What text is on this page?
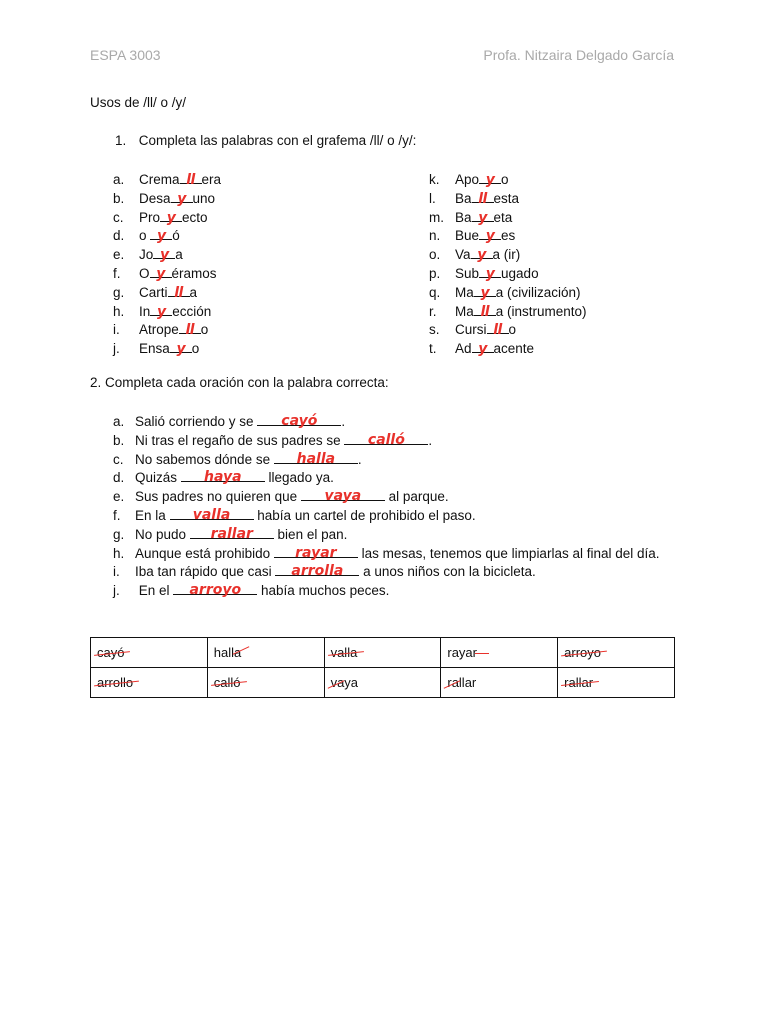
ESPA 3003	Profa. Nitzaira Delgado García
Usos de /ll/ o /y/
1. Completa las palabras con el grafema /ll/ o /y/:
a. Crema ll era
b. Desa y uno
c. Pro y ecto
d. o y ó
e. Jo y a
f. O y éramos
g. Carti ll a
h. In y ección
i. Atrope ll o
j. Ensa y o
k. Apo y o
l. Ba ll esta
m. Ba y eta
n. Bue y es
o. Va y a (ir)
p. Sub y ugado
q. Ma y a (civilización)
r. Ma ll a (instrumento)
s. Cursi ll o
t. Ad y acente
2. Completa cada oración con la palabra correcta:
a. Salió corriendo y se	cayó	.
b. Ni tras el regaño de sus padres se	calló	.
c. No sabemos dónde se	halla	.
d. Quizás	haya	llegado ya.
e. Sus padres no quieren que	vaya	al parque.
f. En la	valla	había un cartel de prohibido el paso.
g. No pudo	rallar	bien el pan.
h. Aunque está prohibido	rayar	las mesas, tenemos que limpiarlas al final del día.
i. Iba tan rápido que casi	arrolla	a unos niños con la bicicleta.
j. En el	arroyo	había muchos peces.
cayó	halla	valla	rayar	arroyo

arrollo	calló	vaya	rallar	rallar
